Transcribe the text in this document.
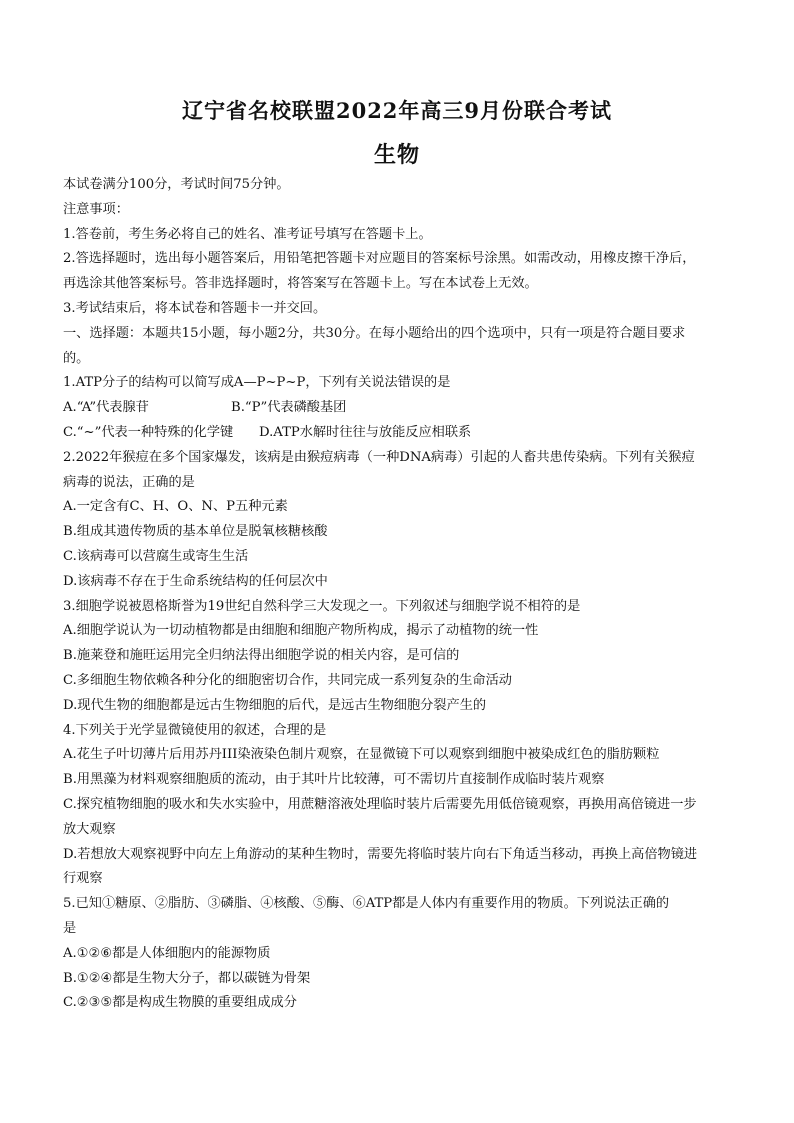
辽宁省名校联盟2022年高三9月份联合考试
生物

本试卷满分100分，考试时间75分钟。

注意事项：

1.答卷前，考生务必将自己的姓名、准考证号填写在答题卡上。

2.答选择题时，选出每小题答案后，用铅笔把答题卡对应题目的答案标号涂黑。如需改动，用橡皮擦干净后，

再选涂其他答案标号。答非选择题时，将答案写在答题卡上。写在本试卷上无效。

3.考试结束后，将本试卷和答题卡一并交回。

一、选择题：本题共15小题，每小题2分，共30分。在每小题给出的四个选项中，只有一项是符合题目要求

的。

1.ATP分子的结构可以简写成A—P~P~P，下列有关说法错误的是

A.“A”代表腺苷	B.“P”代表磷酸基团
C.“~”代表一种特殊的化学键	D.ATP水解时往往与放能反应相联系

2.2022年猴痘在多个国家爆发，该病是由猴痘病毒（一种DNA病毒）引起的人畜共患传染病。下列有关猴痘

病毒的说法，正确的是

A.一定含有C、H、O、N、P五种元素

B.组成其遗传物质的基本单位是脱氧核糖核酸

C.该病毒可以营腐生或寄生生活

D.该病毒不存在于生命系统结构的任何层次中

3.细胞学说被恩格斯誉为19世纪自然科学三大发现之一。下列叙述与细胞学说不相符的是

A.细胞学说认为一切动植物都是由细胞和细胞产物所构成，揭示了动植物的统一性

B.施莱登和施旺运用完全归纳法得出细胞学说的相关内容，是可信的

C.多细胞生物依赖各种分化的细胞密切合作，共同完成一系列复杂的生命活动

D.现代生物的细胞都是远古生物细胞的后代，是远古生物细胞分裂产生的

4.下列关于光学显微镜使用的叙述，合理的是

A.花生子叶切薄片后用苏丹III染液染色制片观察，在显微镜下可以观察到细胞中被染成红色的脂肪颗粒

B.用黑藻为材料观察细胞质的流动，由于其叶片比较薄，可不需切片直接制作成临时装片观察

C.探究植物细胞的吸水和失水实验中，用蔗糖溶液处理临时装片后需要先用低倍镜观察，再换用高倍镜进一步

放大观察

D.若想放大观察视野中向左上角游动的某种生物时，需要先将临时装片向右下角适当移动，再换上高倍物镜进

行观察

5.已知①糖原、②脂肪、③磷脂、④核酸、⑤酶、⑥ATP都是人体内有重要作用的物质。下列说法正确的

是

A.①②⑥都是人体细胞内的能源物质

B.①②④都是生物大分子，都以碳链为骨架

C.②③⑤都是构成生物膜的重要组成成分
